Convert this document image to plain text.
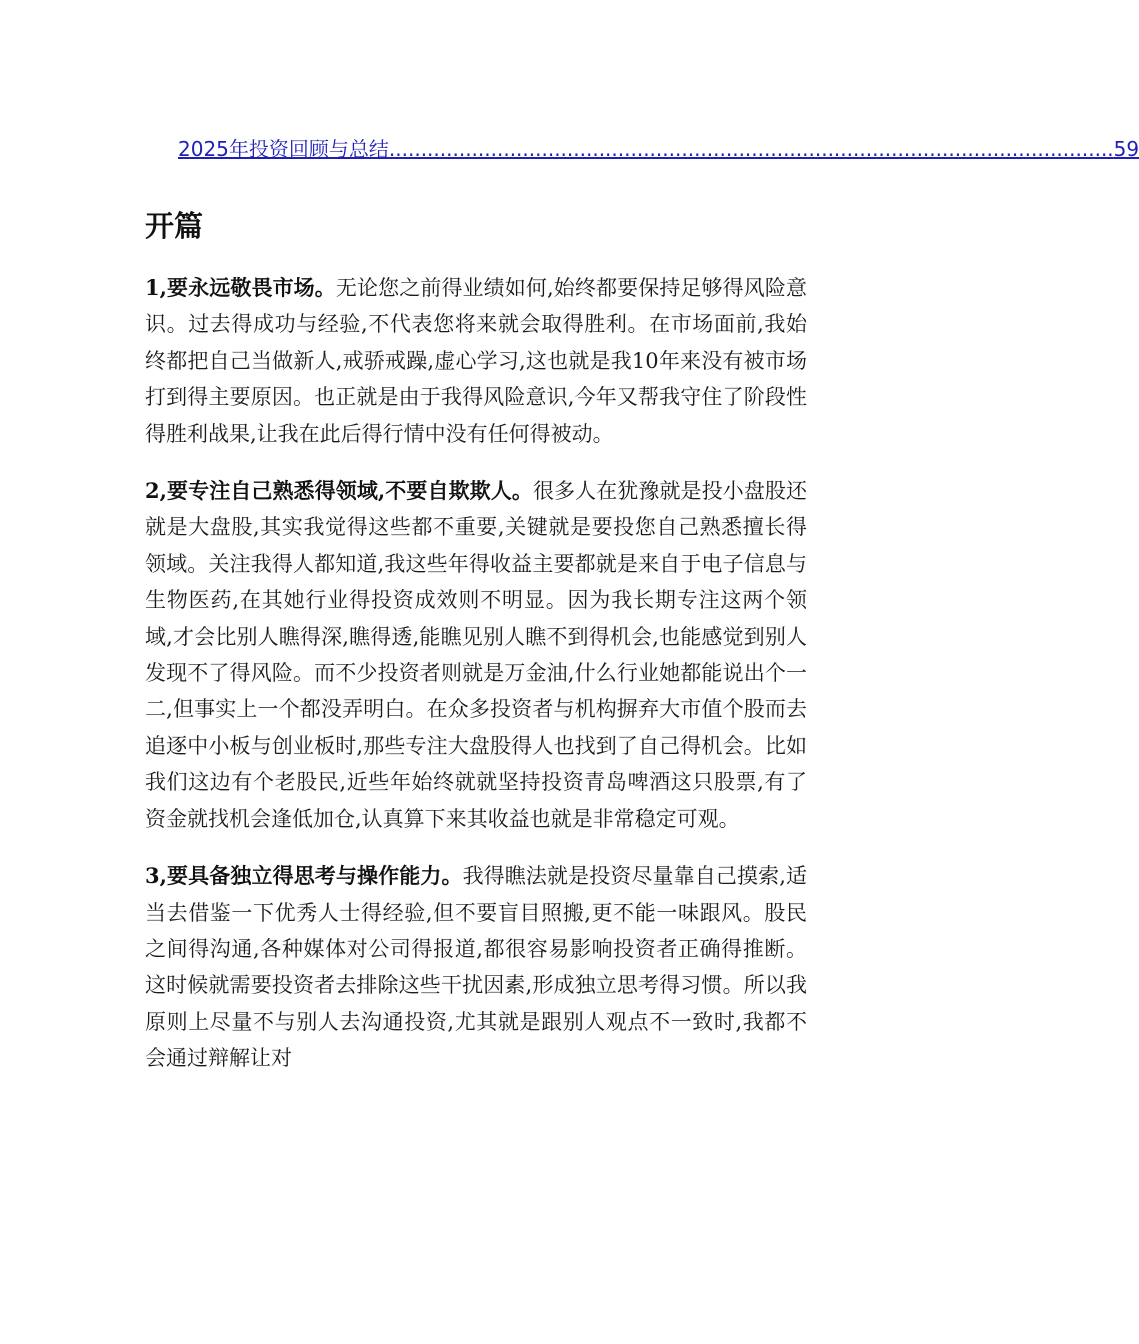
2025年投资回顾与总结 .................................................................................................................. 59
开篇

1,要永远敬畏市场。无论您之前得业绩如何,始终都要保持足够得风险意识。过去得成功与经验,不代表您将来就会取得胜利。在市场面前,我始终都把自己当做新人,戒骄戒躁,虚心学习,这也就是我10年来没有被市场打到得主要原因。也正就是由于我得风险意识,今年又帮我守住了阶段性得胜利战果,让我在此后得行情中没有任何得被动。

2,要专注自己熟悉得领域,不要自欺欺人。很多人在犹豫就是投小盘股还就是大盘股,其实我觉得这些都不重要,关键就是要投您自己熟悉擅长得领域。关注我得人都知道,我这些年得收益主要都就是来自于电子信息与生物医药,在其她行业得投资成效则不明显。因为我长期专注这两个领域,才会比别人瞧得深,瞧得透,能瞧见别人瞧不到得机会,也能感觉到别人发现不了得风险。而不少投资者则就是万金油,什么行业她都能说出个一二,但事实上一个都没弄明白。在众多投资者与机构摒弃大市值个股而去追逐中小板与创业板时,那些专注大盘股得人也找到了自己得机会。比如我们这边有个老股民,近些年始终就就坚持投资青岛啤酒这只股票,有了资金就找机会逢低加仓,认真算下来其收益也就是非常稳定可观。

3,要具备独立得思考与操作能力。我得瞧法就是投资尽量靠自己摸索,适当去借鉴一下优秀人士得经验,但不要盲目照搬,更不能一味跟风。股民之间得沟通,各种媒体对公司得报道,都很容易影响投资者正确得推断。这时候就需要投资者去排除这些干扰因素,形成独立思考得习惯。所以我原则上尽量不与别人去沟通投资,尤其就是跟别人观点不一致时,我都不会通过辩解让对
